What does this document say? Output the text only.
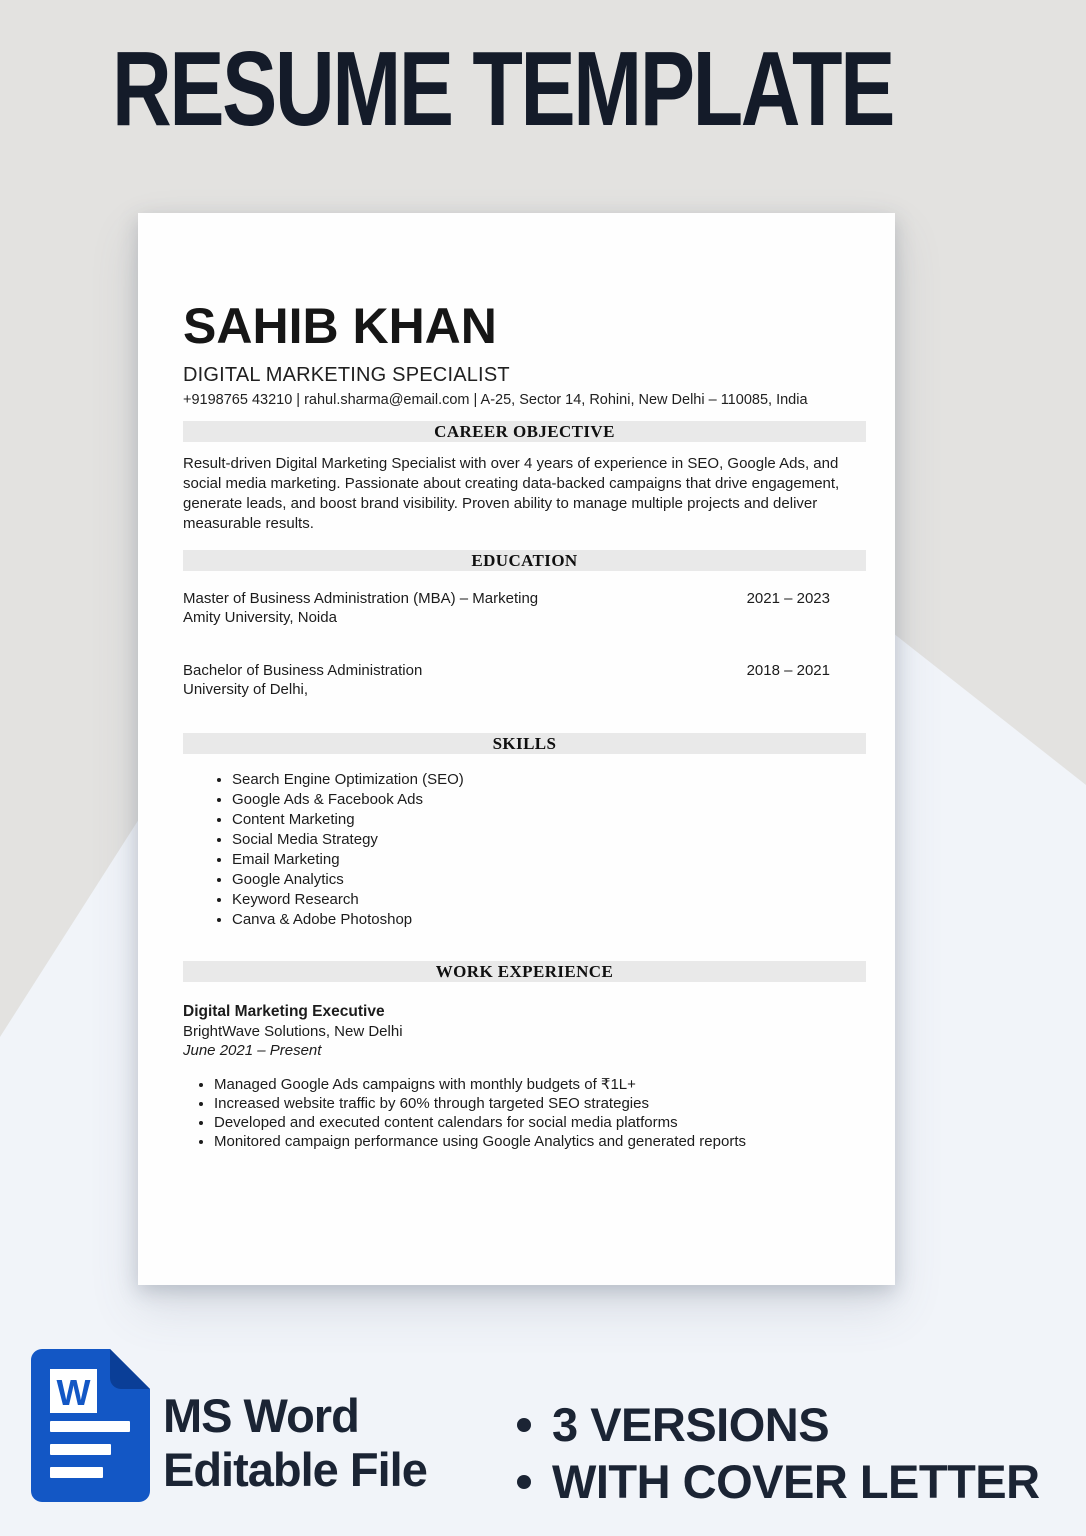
RESUME TEMPLATE
SAHIB KHAN
DIGITAL MARKETING SPECIALIST
+9198765 43210 | rahul.sharma@email.com | A-25, Sector 14, Rohini, New Delhi – 110085, India
CAREER OBJECTIVE
Result-driven Digital Marketing Specialist with over 4 years of experience in SEO, Google Ads, and social media marketing. Passionate about creating data-backed campaigns that drive engagement, generate leads, and boost brand visibility. Proven ability to manage multiple projects and deliver measurable results.
EDUCATION
Master of Business Administration (MBA) – Marketing
Amity University, Noida
2021 – 2023
Bachelor of Business Administration
University of Delhi,
2018 – 2021
SKILLS
• Search Engine Optimization (SEO)
• Google Ads & Facebook Ads
• Content Marketing
• Social Media Strategy
• Email Marketing
• Google Analytics
• Keyword Research
• Canva & Adobe Photoshop
WORK EXPERIENCE
Digital Marketing Executive
BrightWave Solutions, New Delhi
June 2021 – Present
• Managed Google Ads campaigns with monthly budgets of ₹1L+
• Increased website traffic by 60% through targeted SEO strategies
• Developed and executed content calendars for social media platforms
• Monitored campaign performance using Google Analytics and generated reports
W MS Word
Editable File
3 VERSIONS
WITH COVER LETTER
